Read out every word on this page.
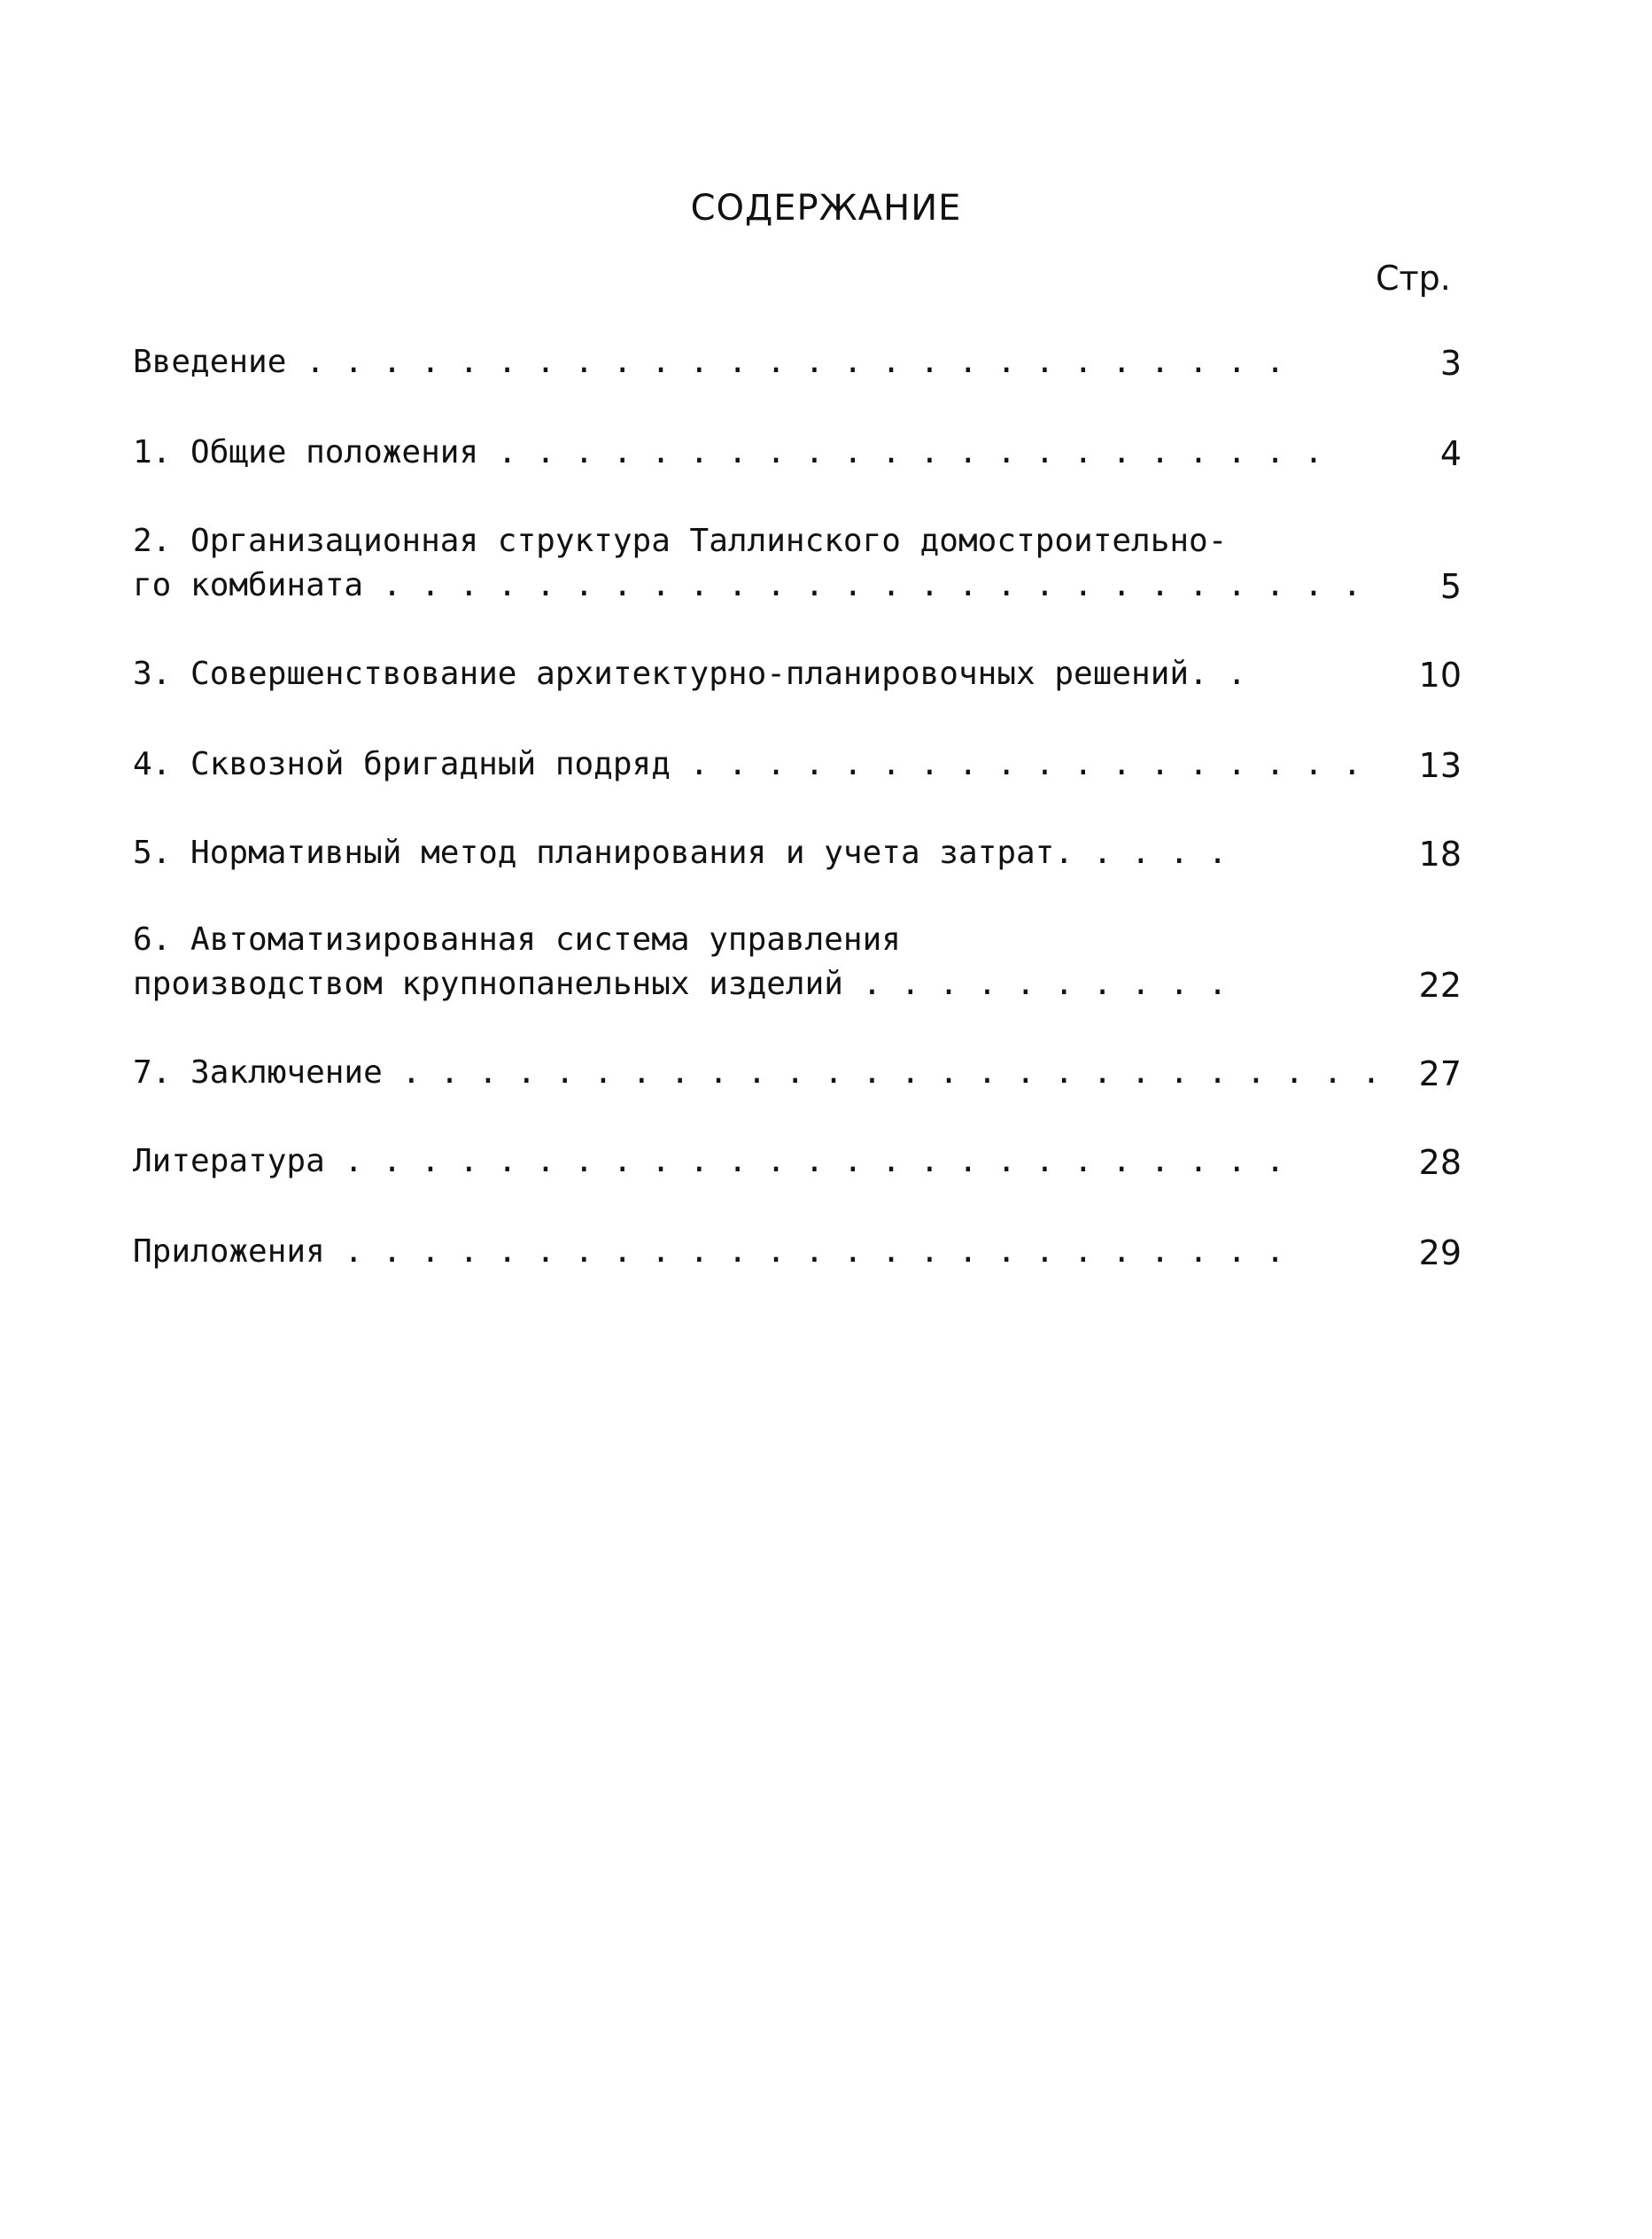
СОДЕРЖАНИЕ
Стр.
Введение . . . . . . . . . . . . . . . . . . . . . . . . . .	3
1. Общие положения . . . . . . . . . . . . . . . . . . . . . .	4
2. Организационная структура Таллинского домостроительно-
го комбината . . . . . . . . . . . . . . . . . . . . . . . . . .	5
3. Совершенствование архитектурно-планировочных решений. .	10
4. Сквозной бригадный подряд . . . . . . . . . . . . . . . . . .	13
5. Нормативный метод планирования и учета затрат. . . . .	18
6. Автоматизированная система управления
производством крупнопанельных изделий . . . . . . . . . .	22
7. Заключение . . . . . . . . . . . . . . . . . . . . . . . . . .	27
Литература . . . . . . . . . . . . . . . . . . . . . . . . .	28
Приложения . . . . . . . . . . . . . . . . . . . . . . . . .	29
